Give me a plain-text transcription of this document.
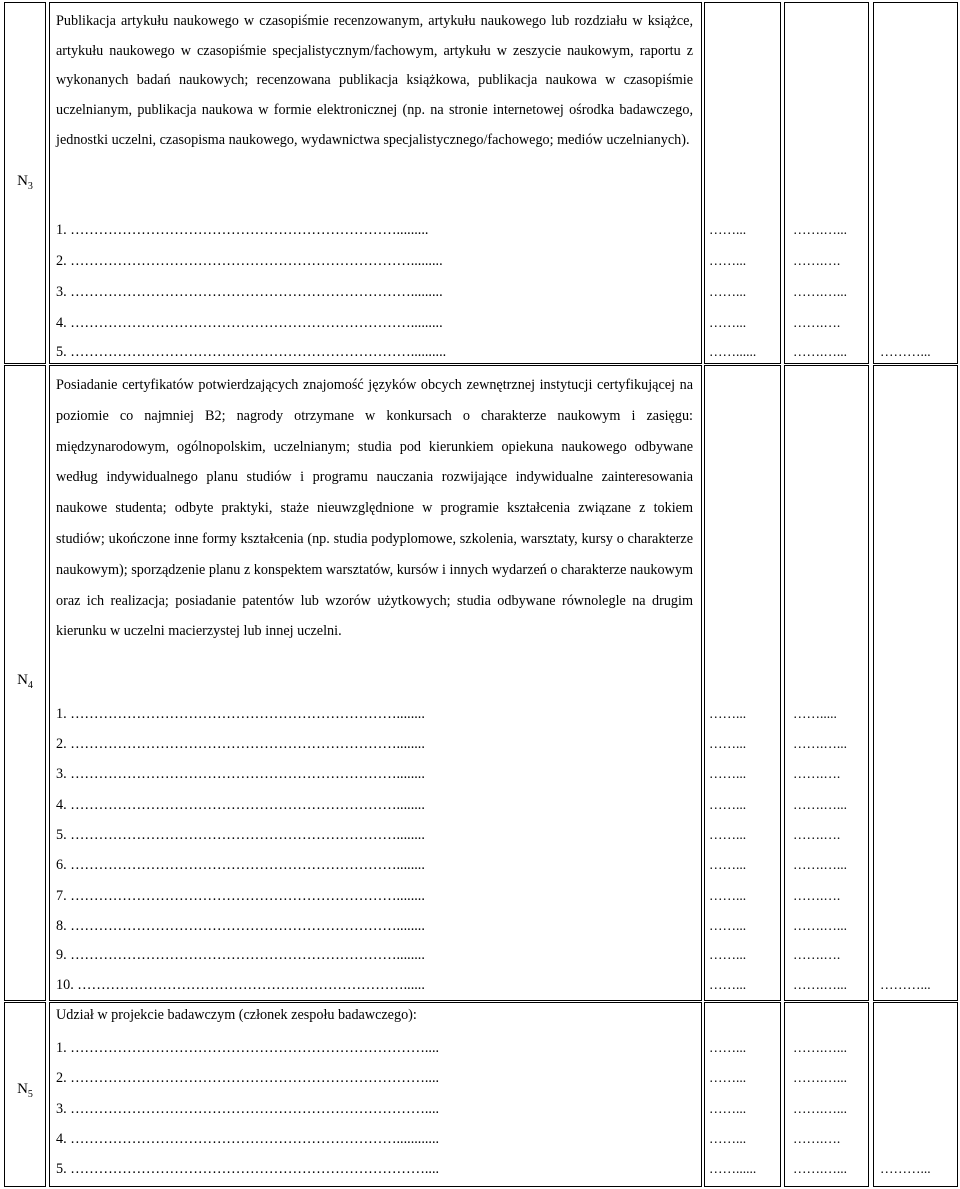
$N_3$
Publikacja artykułu naukowego w czasopiśmie recenzowanym, artykułu naukowego lub rozdziału w książce, artykułu naukowego w czasopiśmie specjalistycznym/fachowym, artykułu w zeszycie naukowym, raportu z wykonanych badań naukowych; recenzowana publikacja książkowa, publikacja naukowa w czasopiśmie uczelnianym, publikacja naukowa w formie elektronicznej (np. na stronie internetowej ośrodka badawczego, jednostki uczelni, czasopisma naukowego, wydawnictwa specjalistycznego/fachowego; mediów uczelnianych).
1. …………………………………………………………….........
2. ……………………………………………………………….........
3. ……………………………………………………………….........
4. ……………………………………………………………….........
5. ………………………………………………………………..........
……...
……...
……...
……...
……......
…….…...
…….….
…….…...
…….….
…….…... ………...
$N_4$
Posiadanie certyfikatów potwierdzających znajomość języków obcych zewnętrznej instytucji certyfikującej na poziomie co najmniej B2; nagrody otrzymane w konkursach o charakterze naukowym i zasięgu: międzynarodowym, ogólnopolskim, uczelnianym; studia pod kierunkiem opiekuna naukowego odbywane według indywidualnego planu studiów i programu nauczania rozwijające indywidualne zainteresowania naukowe studenta; odbyte praktyki, staże nieuwzględnione w programie kształcenia związane z tokiem studiów; ukończone inne formy kształcenia (np. studia podyplomowe, szkolenia, warsztaty, kursy o charakterze naukowym); sporządzenie planu z konspektem warsztatów, kursów i innych wydarzeń o charakterze naukowym oraz ich realizacja; posiadanie patentów lub wzorów użytkowych; studia odbywane równolegle na drugim kierunku w uczelni macierzystej lub innej uczelni.
1. ……………………………………………………………........
2. ……………………………………………………………........
3. ……………………………………………………………........
4. ……………………………………………………………........
5. ……………………………………………………………........
6. ……………………………………………………………........
7. ……………………………………………………………........
8. ……………………………………………………………........
9. ……………………………………………………………........
10. ……………………………………………………………......
……...
……...
……...
……...
……...
……...
……...
……...
……...
……...
…….....
…….…...
…….….
…….…...
…….….
…….…...
…….….
…….…...
…….….
…….…... ………...
$N_5$
Udział w projekcie badawczym (członek zespołu badawczego):
1. …………………………………………………………………....
2. …………………………………………………………………....
3. …………………………………………………………………....
4. ……………………………………………………………............
5. …………………………………………………………………....
……...
……...
……...
……...
……......
…….…...
…….…...
…….…...
…….….
…….…... ………...
